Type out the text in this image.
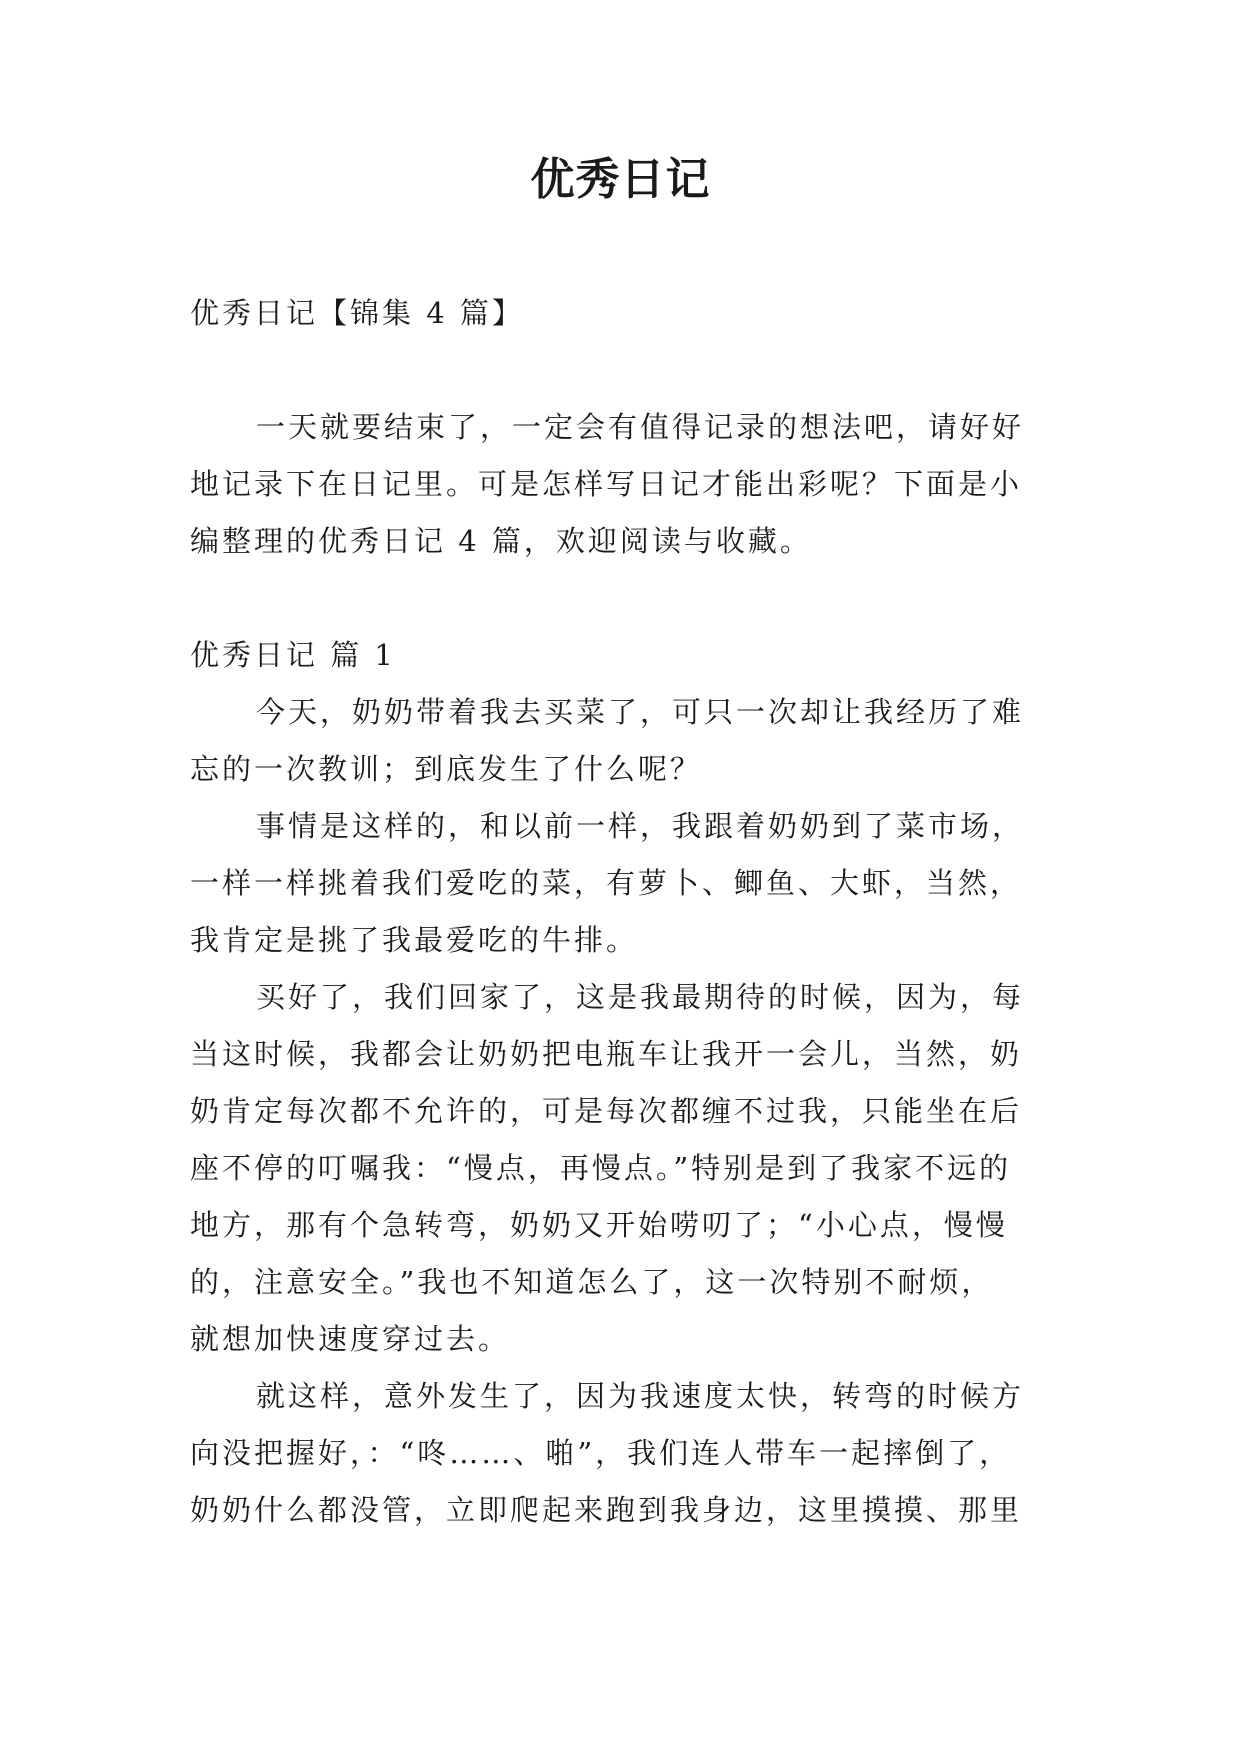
优秀日记

优秀日记【锦集 4 篇】

一天就要结束了，一定会有值得记录的想法吧，请好好

地记录下在日记里。可是怎样写日记才能出彩呢？下面是小

编整理的优秀日记 4 篇，欢迎阅读与收藏。

优秀日记 篇 1

今天，奶奶带着我去买菜了，可只一次却让我经历了难

忘的一次教训；到底发生了什么呢？

事情是这样的，和以前一样，我跟着奶奶到了菜市场，

一样一样挑着我们爱吃的菜，有萝卜、鲫鱼、大虾，当然，

我肯定是挑了我最爱吃的牛排。

买好了，我们回家了，这是我最期待的时候，因为，每

当这时候，我都会让奶奶把电瓶车让我开一会儿，当然，奶

奶肯定每次都不允许的，可是每次都缠不过我，只能坐在后

座不停的叮嘱我：“慢点，再慢点。”特别是到了我家不远的

地方，那有个急转弯，奶奶又开始唠叨了；“小心点，慢慢

的，注意安全。”我也不知道怎么了，这一次特别不耐烦，

就想加快速度穿过去。

就这样，意外发生了，因为我速度太快，转弯的时候方

向没把握好，：“咚……、啪”，我们连人带车一起摔倒了，

奶奶什么都没管，立即爬起来跑到我身边，这里摸摸、那里
